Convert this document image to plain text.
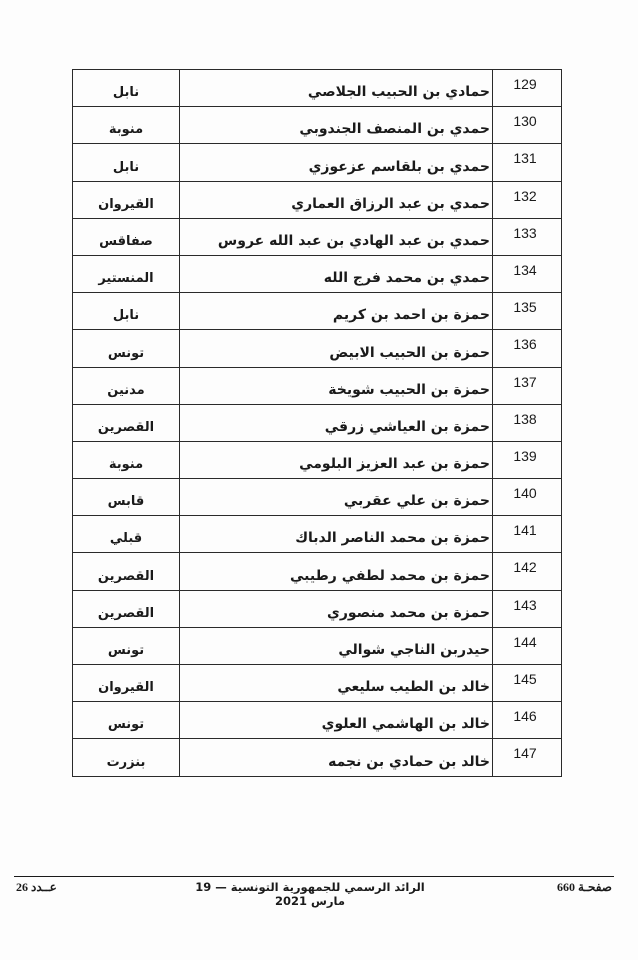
نابل	حمادي بن الحبيب الجلاصي	129

منوبة	حمدي بن المنصف الجندوبي	130

نابل	حمدي بن بلقاسم عزعوزي	131

القيروان	حمدي بن عبد الرزاق العماري	132

صفاقس	حمدي بن عبد الهادي بن عبد الله عروس	133

المنستير	حمدي بن محمد فرج الله	134

نابل	حمزة بن احمد بن كريم	135

تونس	حمزة بن الحبيب الابيض	136

مدنين	حمزة بن الحبيب شويخة	137

القصرين	حمزة بن العياشي زرقي	138

منوبة	حمزة بن عبد العزيز البلومي	139

قابس	حمزة بن علي عقربي	140

قبلي	حمزة بن محمد الناصر الدباك	141

القصرين	حمزة بن محمد لطفي رطيبي	142

القصرين	حمزة بن محمد منصوري	143

تونس	حيدربن الناجي شوالي	144

القيروان	خالد بن الطيب سليعي	145

تونس	خالد بن الهاشمي العلوي	146

بنزرت	خالد بن حمادي بن نجمه	147
عــدد 26	الرائد الرسمي للجمهورية التونسية — 19 مارس 2021
صفحـة 660
